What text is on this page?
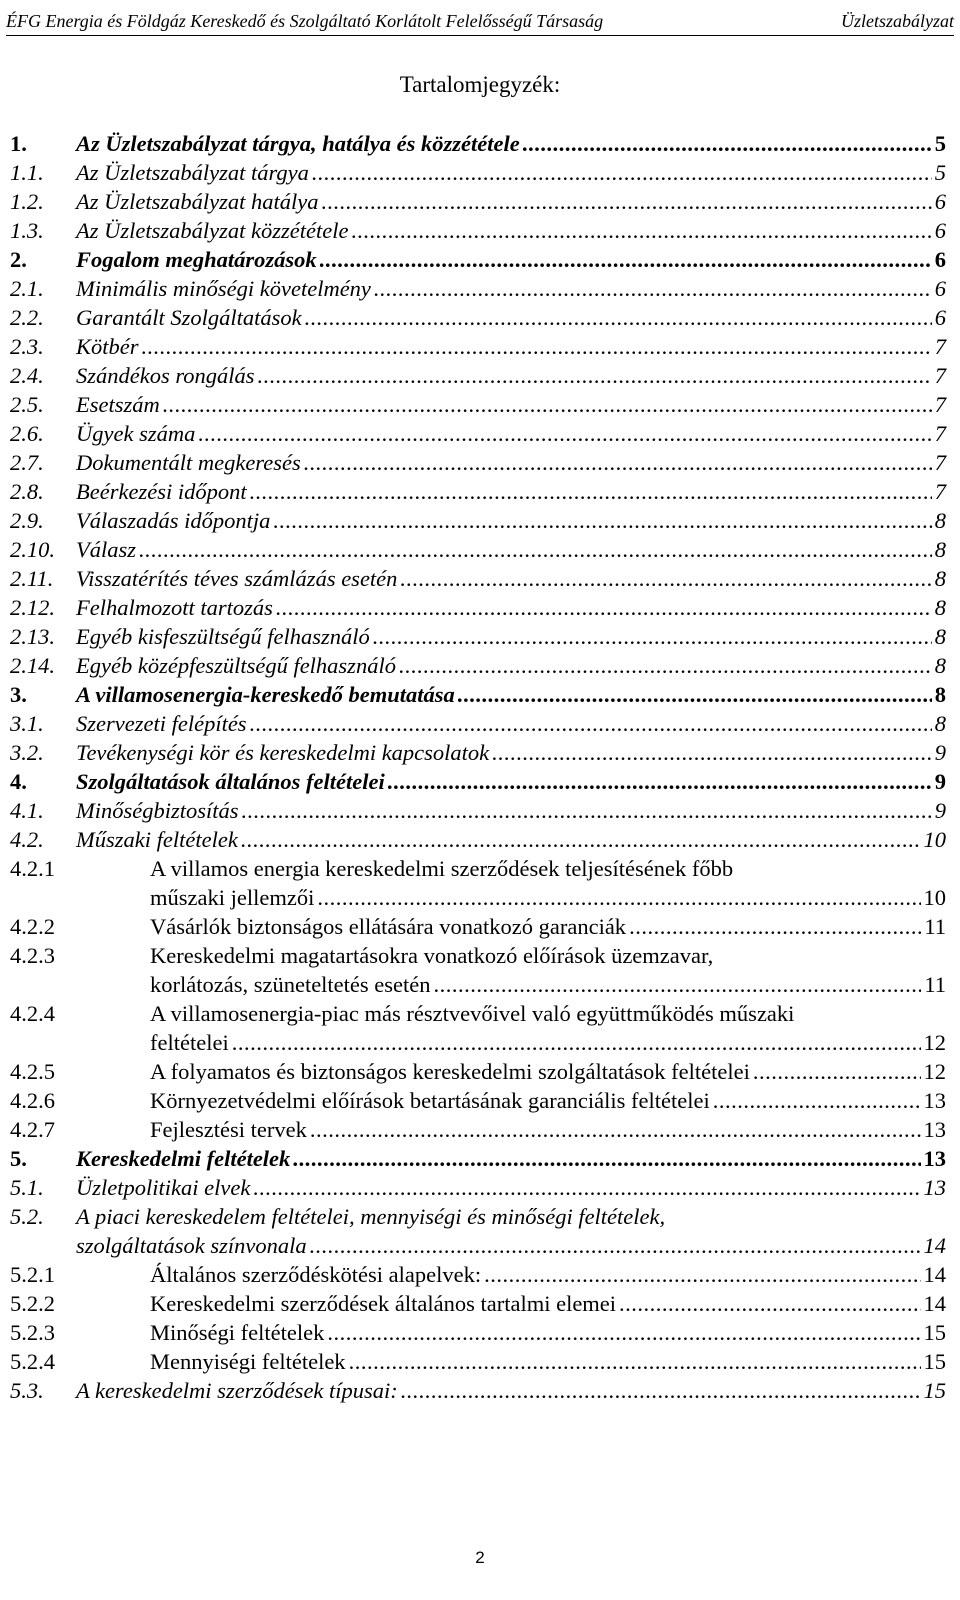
ÉFG Energia és Földgáz Kereskedő és Szolgáltató Korlátolt Felelősségű Társaság	Üzletszabályzat
Tartalomjegyzék:
1. Az Üzletszabályzat tárgya, hatálya és közzététele .....	5
1.1. Az Üzletszabályzat tárgya .....	5
1.2. Az Üzletszabályzat hatálya .....	6
1.3. Az Üzletszabályzat közzététele .....	6
2. Fogalom meghatározások .....	6
2.1. Minimális minőségi követelmény .....	6
2.2. Garantált Szolgáltatások .....	6
2.3. Kötbér .....	7
2.4. Szándékos rongálás .....	7
2.5. Esetszám .....	7
2.6. Ügyek száma .....	7
2.7. Dokumentált megkeresés .....	7
2.8. Beérkezési időpont .....	7
2.9. Válaszadás időpontja .....	8
2.10. Válasz .....	8
2.11. Visszatérítés téves számlázás esetén .....	8
2.12. Felhalmozott tartozás .....	8
2.13. Egyéb kisfeszültségű felhasználó .....	8
2.14. Egyéb középfeszültségű felhasználó .....	8
3. A villamosenergia-kereskedő bemutatása .....	8
3.1. Szervezeti felépítés .....	8
3.2. Tevékenységi kör és kereskedelmi kapcsolatok .....	9
4. Szolgáltatások általános feltételei .....	9
4.1. Minőségbiztosítás .....	9
4.2. Műszaki feltételek .....	10
4.2.1	A villamos energia kereskedelmi szerződések teljesítésének főbb
műszaki jellemzői .....	10
4.2.2	Vásárlók biztonságos ellátására vonatkozó garanciák .....	11
4.2.3	Kereskedelmi magatartásokra vonatkozó előírások üzemzavar,
korlátozás, szüneteltetés esetén .....	11
4.2.4	A villamosenergia-piac más résztvevőivel való együttműködés műszaki
feltételei .....	12
4.2.5	A folyamatos és biztonságos kereskedelmi szolgáltatások feltételei .....	12
4.2.6	Környezetvédelmi előírások betartásának garanciális feltételei .....	13
4.2.7	Fejlesztési tervek .....	13
5. Kereskedelmi feltételek .....	13
5.1. Üzletpolitikai elvek .....	13
5.2. A piaci kereskedelem feltételei, mennyiségi és minőségi feltételek,
szolgáltatások színvonala .....	14
5.2.1	Általános szerződéskötési alapelvek: .....	14
5.2.2	Kereskedelmi szerződések általános tartalmi elemei .....	14
5.2.3	Minőségi feltételek .....	15
5.2.4	Mennyiségi feltételek .....	15
5.3. A kereskedelmi szerződések típusai: .....	15
2
